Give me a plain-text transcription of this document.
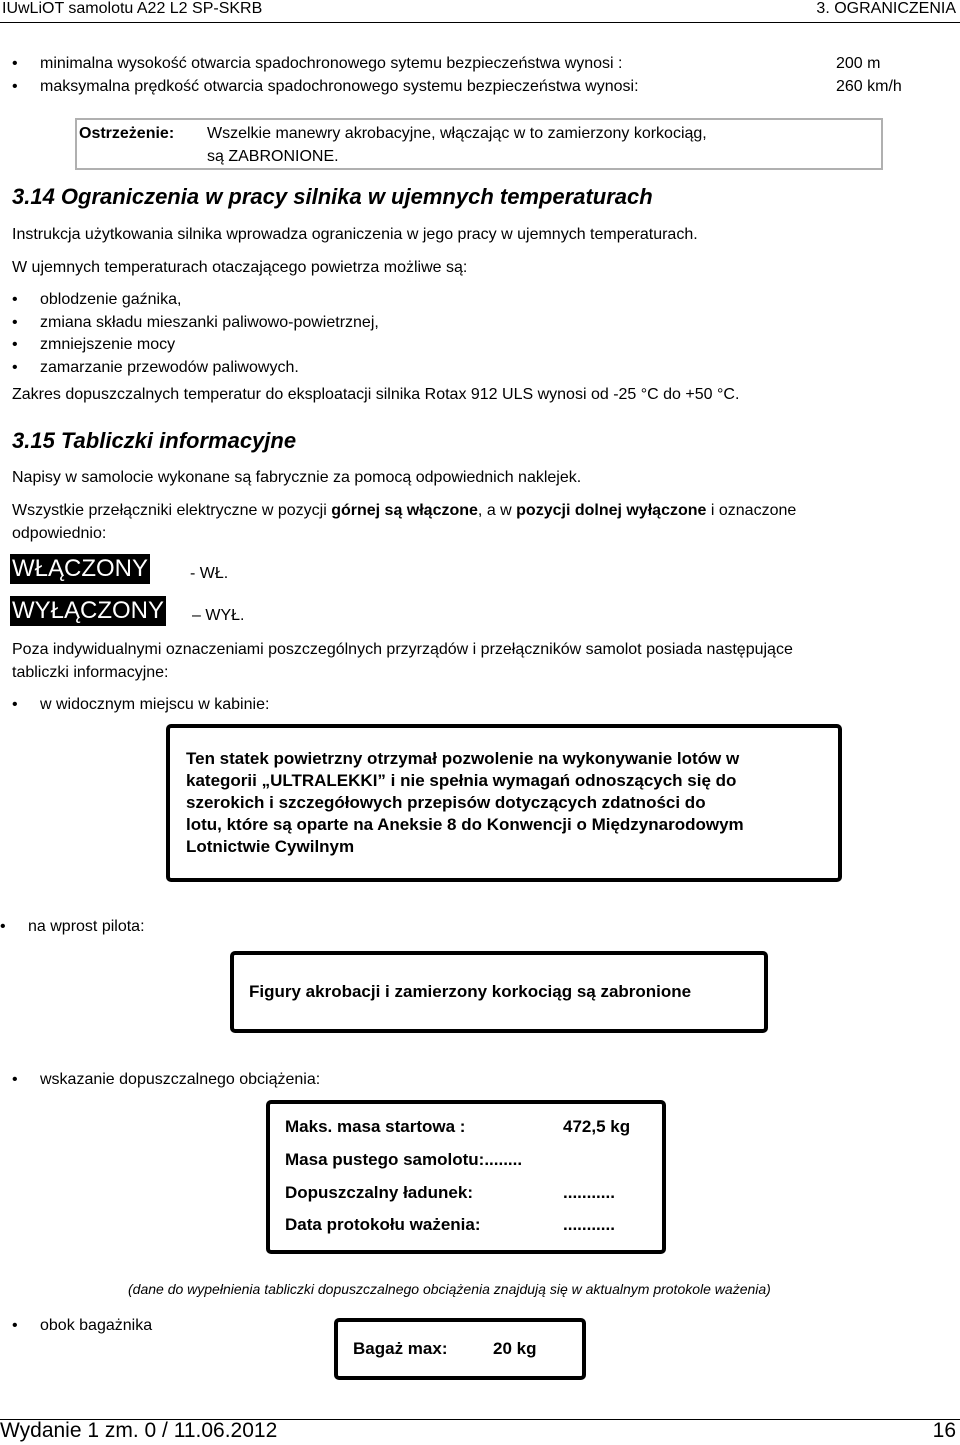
IUwLiOT samolotu A22 L2 SP-SKRB	3. OGRANICZENIA
• minimalna wysokość otwarcia spadochronowego sytemu bezpieczeństwa wynosi :	200 m
• maksymalna prędkość otwarcia spadochronowego systemu bezpieczeństwa wynosi:	260 km/h
Ostrzeżenie: Wszelkie manewry akrobacyjne, włączając w to zamierzony korkociąg,
są ZABRONIONE.
3.14 Ograniczenia w pracy silnika w ujemnych temperaturach
Instrukcja użytkowania silnika wprowadza ograniczenia w jego pracy w ujemnych temperaturach.
W ujemnych temperaturach otaczającego powietrza możliwe są:
• oblodzenie gaźnika,
• zmiana składu mieszanki paliwowo-powietrznej,
• zmniejszenie mocy
• zamarzanie przewodów paliwowych.
Zakres dopuszczalnych temperatur do eksploatacji silnika Rotax 912 ULS wynosi od -25 °C do +50 °C.
3.15 Tabliczki informacyjne
Napisy w samolocie wykonane są fabrycznie za pomocą odpowiednich naklejek.
Wszystkie przełączniki elektryczne w pozycji górnej są włączone, a w pozycji dolnej wyłączone i oznaczone
odpowiednio:
WŁĄCZONY	- WŁ.
WYŁĄCZONY – WYŁ.
Poza indywidualnymi oznaczeniami poszczególnych przyrządów i przełączników samolot posiada następujące
tabliczki informacyjne:
• w widocznym miejscu w kabinie:
Ten statek powietrzny otrzymał pozwolenie na wykonywanie lotów w
kategorii „ULTRALEKKI” i nie spełnia wymagań odnoszących się do
szerokich i szczegółowych przepisów dotyczących zdatności do
lotu, które są oparte na Aneksie 8 do Konwencji o Międzynarodowym
Lotnictwie Cywilnym
• na wprost pilota:
Figury akrobacji i zamierzony korkociąg są zabronione
• wskazanie dopuszczalnego obciążenia:
Maks. masa startowa :	472,5 kg
Masa pustego samolotu:........
Dopuszczalny ładunek:	...........
Data protokołu ważenia:	...........
(dane do wypełnienia tabliczki dopuszczalnego obciążenia znajdują się w aktualnym protokole ważenia)
• obok bagażnika
Bagaż max:	20 kg
Wydanie 1 zm. 0 / 11.06.2012	16
